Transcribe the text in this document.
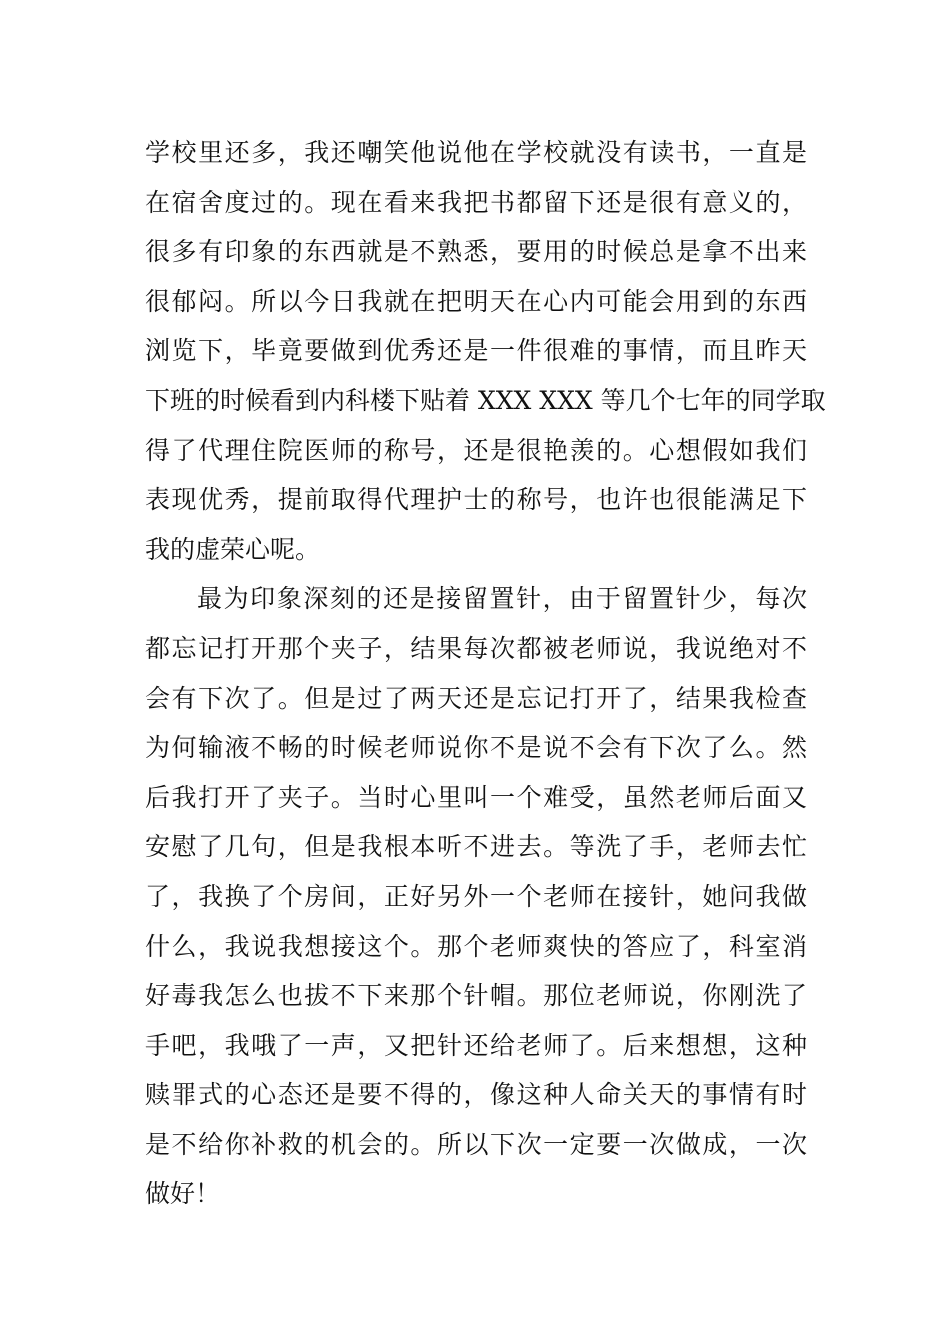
学校里还多，我还嘲笑他说他在学校就没有读书，一直是
在宿舍度过的。现在看来我把书都留下还是很有意义的，
很多有印象的东西就是不熟悉，要用的时候总是拿不出来
很郁闷。所以今日我就在把明天在心内可能会用到的东西
浏览下，毕竟要做到优秀还是一件很难的事情，而且昨天
下班的时候看到内科楼下贴着 XXX XXX 等几个七年的同学取
得了代理住院医师的称号，还是很艳羡的。心想假如我们
表现优秀，提前取得代理护士的称号，也许也很能满足下
我的虚荣心呢。

最为印象深刻的还是接留置针，由于留置针少，每次
都忘记打开那个夹子，结果每次都被老师说，我说绝对不
会有下次了。但是过了两天还是忘记打开了，结果我检查
为何输液不畅的时候老师说你不是说不会有下次了么。然
后我打开了夹子。当时心里叫一个难受，虽然老师后面又
安慰了几句，但是我根本听不进去。等洗了手，老师去忙
了，我换了个房间，正好另外一个老师在接针，她问我做
什么，我说我想接这个。那个老师爽快的答应了，科室消
好毒我怎么也拔不下来那个针帽。那位老师说，你刚洗了
手吧，我哦了一声，又把针还给老师了。后来想想，这种
赎罪式的心态还是要不得的，像这种人命关天的事情有时
是不给你补救的机会的。所以下次一定要一次做成，一次
做好！
